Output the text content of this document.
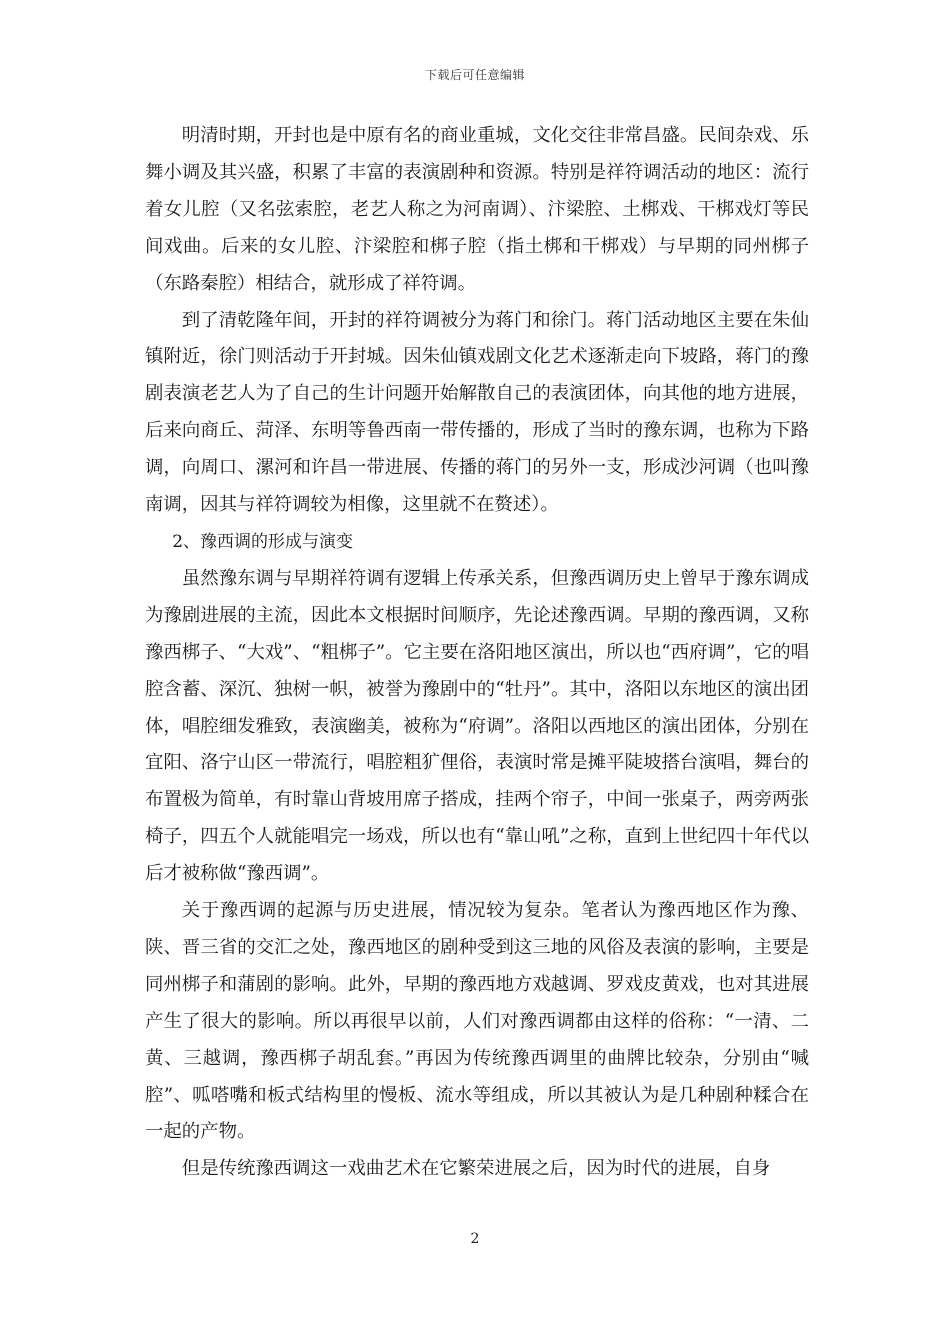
下载后可任意编辑

明清时期，开封也是中原有名的商业重城，文化交往非常昌盛。民间杂戏、乐舞小调及其兴盛，积累了丰富的表演剧种和资源。特别是祥符调活动的地区：流行着女儿腔（又名弦索腔，老艺人称之为河南调）、汴梁腔、土梆戏、干梆戏灯等民间戏曲。后来的女儿腔、汴梁腔和梆子腔（指土梆和干梆戏）与早期的同州梆子（东路秦腔）相结合，就形成了祥符调。

到了清乾隆年间，开封的祥符调被分为蒋门和徐门。蒋门活动地区主要在朱仙镇附近，徐门则活动于开封城。因朱仙镇戏剧文化艺术逐渐走向下坡路，蒋门的豫剧表演老艺人为了自己的生计问题开始解散自己的表演团体，向其他的地方进展，后来向商丘、菏泽、东明等鲁西南一带传播的，形成了当时的豫东调，也称为下路调，向周口、漯河和许昌一带进展、传播的蒋门的另外一支，形成沙河调（也叫豫南调，因其与祥符调较为相像，这里就不在赘述）。

2、豫西调的形成与演变

虽然豫东调与早期祥符调有逻辑上传承关系，但豫西调历史上曾早于豫东调成为豫剧进展的主流，因此本文根据时间顺序，先论述豫西调。早期的豫西调，又称豫西梆子、“大戏”、“粗梆子”。它主要在洛阳地区演出，所以也“西府调”，它的唱腔含蓄、深沉、独树一帜，被誉为豫剧中的“牡丹”。其中，洛阳以东地区的演出团体，唱腔细发雅致，表演幽美，被称为“府调”。洛阳以西地区的演出团体，分别在宜阳、洛宁山区一带流行，唱腔粗犷俚俗，表演时常是摊平陡坡搭台演唱，舞台的布置极为简单，有时靠山背坡用席子搭成，挂两个帘子，中间一张桌子，两旁两张椅子，四五个人就能唱完一场戏，所以也有“靠山吼”之称，直到上世纪四十年代以后才被称做“豫西调”。

关于豫西调的起源与历史进展，情况较为复杂。笔者认为豫西地区作为豫、陕、晋三省的交汇之处，豫西地区的剧种受到这三地的风俗及表演的影响，主要是同州梆子和蒲剧的影响。此外，早期的豫西地方戏越调、罗戏皮黄戏，也对其进展产生了很大的影响。所以再很早以前，人们对豫西调都由这样的俗称：“一清、二黄、三越调，豫西梆子胡乱套。”再因为传统豫西调里的曲牌比较杂，分别由“喊腔”、呱嗒嘴和板式结构里的慢板、流水等组成，所以其被认为是几种剧种糅合在一起的产物。

但是传统豫西调这一戏曲艺术在它繁荣进展之后，因为时代的进展，自身

2
